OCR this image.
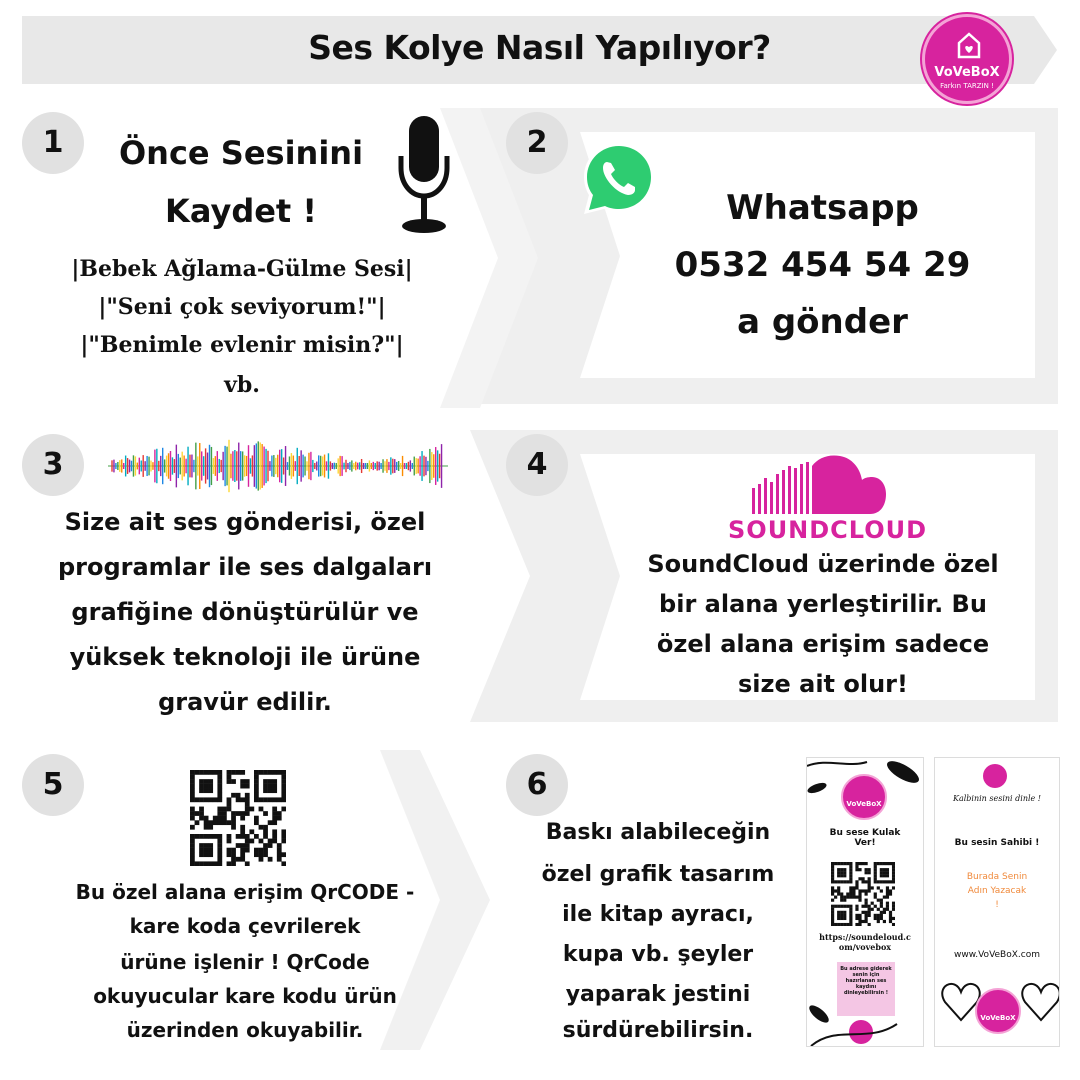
Ses Kolye Nasıl Yapılıyor?
VoVeBoX
Farkın TARZIN !
1	Önce Sesinini
Kaydet !
|Bebek Ağlama-Gülme Sesi|
|"Seni çok seviyorum!"|
|"Benimle evlenir misin?"|
vb.
2
Whatsapp
0532 454 54 29
a gönder
3
Size ait ses gönderisi, özel
programlar ile ses dalgaları
grafiğine dönüştürülür ve
yüksek teknoloji ile ürüne
gravür edilir.
4
SOUNDCLOUD
SoundCloud üzerinde özel
bir alana yerleştirilir. Bu
özel alana erişim sadece
size ait olur!
5
Bu özel alana erişim QrCODE -
kare koda çevrilerek
ürüne işlenir ! QrCode
okuyucular kare kodu ürün
üzerinden okuyabilir.
6
Baskı alabileceğin
özel grafik tasarım
ile kitap ayracı,
kupa vb. şeyler
yaparak jestini
sürdürebilirsin.
VoVeBoX
Bu sese Kulak Ver!
https://soundeloud.com/vovebox
Bu adrese giderek senin için hazırlanan ses kaydını dinleyebilirsin !
Kalbinin sesini dinle !
Bu sesin Sahibi !
Burada Senin Adın Yazacak !
www.VoVeBoX.com
VoVeBoX
